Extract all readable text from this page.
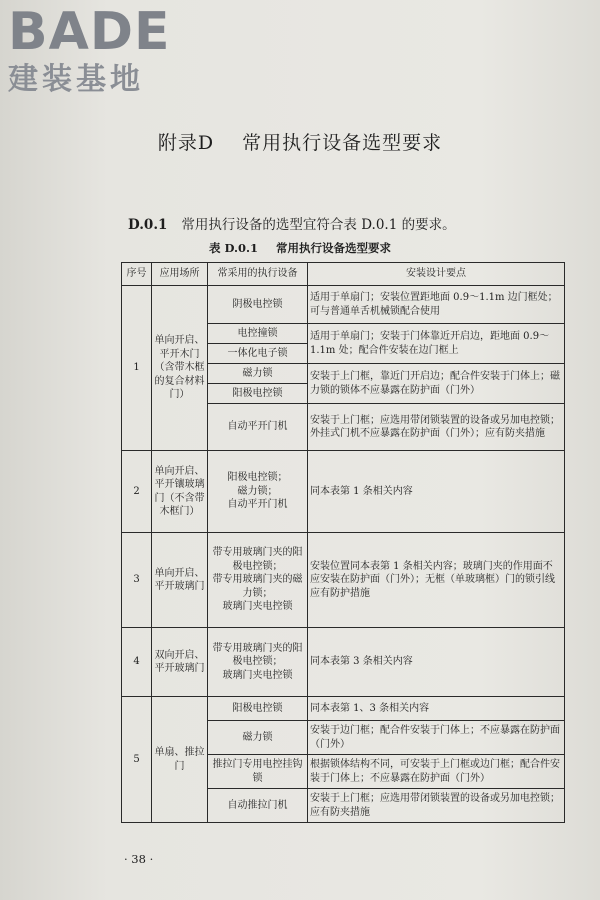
BADE
建装基地
附录D 常用执行设备选型要求
D.0.1 常用执行设备的选型宜符合表 D.0.1 的要求。
表 D.0.1 常用执行设备选型要求
序号	应用场所	常采用的执行设备	安装设计要点
1	单向开启、平开木门（含带木框的复合材料门）	阴极电控锁	适用于单扇门；安装位置距地面 0.9～1.1m 边门框处；可与普通单舌机械锁配合使用
		电控撞锁	适用于单扇门；安装于门体靠近开启边，距地面 0.9～1.1m 处；配合件安装在边门框上
		一体化电子锁	
		磁力锁	安装于上门框，靠近门开启边；配合件安装于门体上；磁力锁的锁体不应暴露在防护面（门外）
		阳极电控锁	
		自动平开门机	安装于上门框；应选用带闭锁装置的设备或另加电控锁；外挂式门机不应暴露在防护面（门外）；应有防夹措施
2	单向开启、平开镶玻璃门（不含带木框门）	阳极电控锁；
磁力锁；
自动平开门机	同本表第 1 条相关内容
3	单向开启、平开玻璃门	带专用玻璃门夹的阳极电控锁；
带专用玻璃门夹的磁力锁；
玻璃门夹电控锁	安装位置同本表第 1 条相关内容；玻璃门夹的作用面不应安装在防护面（门外）；无框（单玻璃框）门的锁引线应有防护措施
4	双向开启、平开玻璃门	带专用玻璃门夹的阳极电控锁；
玻璃门夹电控锁	同本表第 3 条相关内容
5	单扇、推拉门	阳极电控锁	同本表第 1、3 条相关内容
		磁力锁	安装于边门框；配合件安装于门体上；不应暴露在防护面（门外）
		推拉门专用电控挂钩锁	根据锁体结构不同，可安装于上门框或边门框；配合件安装于门体上；不应暴露在防护面（门外）
		自动推拉门机	安装于上门框；应选用带闭锁装置的设备或另加电控锁；应有防夹措施
· 38 ·
